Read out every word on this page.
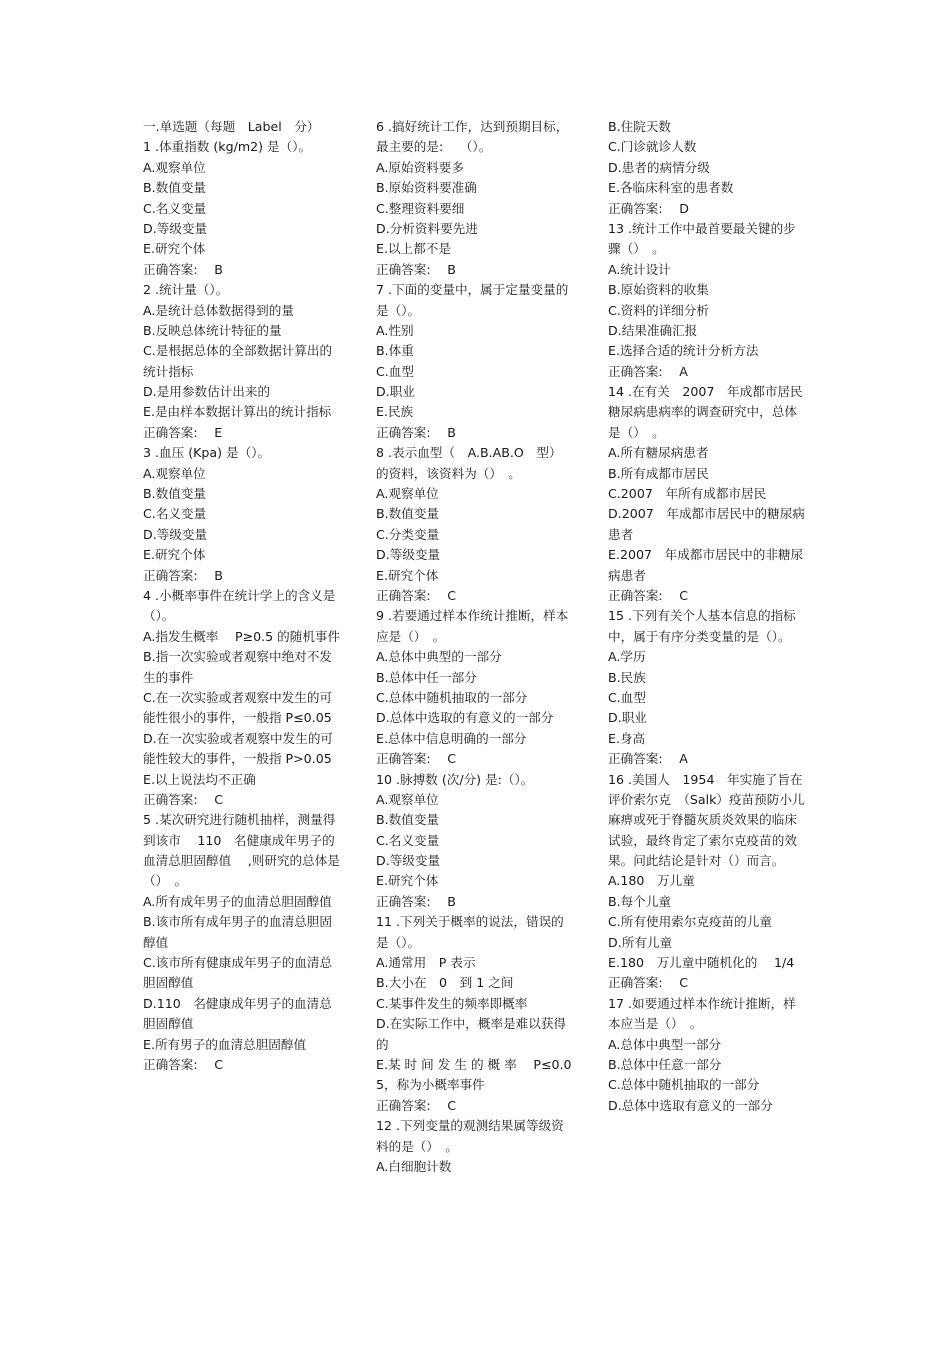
一.单选题（每题　Label　分）
1 .体重指数 (kg/m2) 是（）。
A.观察单位
B.数值变量
C.名义变量
D.等级变量
E.研究个体
正确答案:　 B
2 .统计量（）。
A.是统计总体数据得到的量
B.反映总体统计特征的量
C.是根据总体的全部数据计算出的统计指标
D.是用参数估计出来的
E.是由样本数据计算出的统计指标
正确答案:　 E
3 .血压 (Kpa) 是（）。
A.观察单位
B.数值变量
C.名义变量
D.等级变量
E.研究个体
正确答案:　 B
4 .小概率事件在统计学上的含义是（）。
A.指发生概率　 P≥0.5 的随机事件
B.指一次实验或者观察中绝对不发生的事件
C.在一次实验或者观察中发生的可能性很小的事件，一般指 P≤0.05
D.在一次实验或者观察中发生的可能性较大的事件，一般指 P>0.05
E.以上说法均不正确
正确答案:　 C
5 .某次研究进行随机抽样，测量得到该市　 110　名健康成年男子的血清总胆固醇值　 ,则研究的总体是（）　。
A.所有成年男子的血清总胆固醇值
B.该市所有成年男子的血清总胆固醇值
C.该市所有健康成年男子的血清总胆固醇值
D.110　名健康成年男子的血清总胆固醇值
E.所有男子的血清总胆固醇值
正确答案:　 C
6 .搞好统计工作，达到预期目标，最主要的是:　 （）。
A.原始资料要多
B.原始资料要准确
C.整理资料要细
D.分析资料要先进
E.以上都不是
正确答案:　 B
7 .下面的变量中，属于定量变量的是（）。
A.性别
B.体重
C.血型
D.职业
E.民族
正确答案:　 B
8 .表示血型（　A.B.AB.O　型）的资料，该资料为（）　。
A.观察单位
B.数值变量
C.分类变量
D.等级变量
E.研究个体
正确答案:　 C
9 .若要通过样本作统计推断，样本应是（）　。
A.总体中典型的一部分
B.总体中任一部分
C.总体中随机抽取的一部分
D.总体中选取的有意义的一部分
E.总体中信息明确的一部分
正确答案:　 C
10 .脉搏数 (次/分) 是:（）。
A.观察单位
B.数值变量
C.名义变量
D.等级变量
E.研究个体
正确答案:　 B
11 .下列关于概率的说法，错误的是（）。
A.通常用　P 表示
B.大小在　0　到 1 之间
C.某事件发生的频率即概率
D.在实际工作中，概率是难以获得的
E.某 时 间 发 生 的 概 率　 P≤0.05，称为小概率事件
正确答案:　 C
12 .下列变量的观测结果属等级资料的是（）　。
A.白细胞计数
B.住院天数
C.门诊就诊人数
D.患者的病情分级
E.各临床科室的患者数
正确答案:　 D
13 .统计工作中最首要最关键的步骤（）　。
A.统计设计
B.原始资料的收集
C.资料的详细分析
D.结果准确汇报
E.选择合适的统计分析方法
正确答案:　 A
14 .在有关　2007　年成都市居民糖尿病患病率的调查研究中，总体是（）　。
A.所有糖尿病患者
B.所有成都市居民
C.2007　年所有成都市居民
D.2007　年成都市居民中的糖尿病患者
E.2007　年成都市居民中的非糖尿病患者
正确答案:　 C
15 .下列有关个人基本信息的指标中，属于有序分类变量的是（）。
A.学历
B.民族
C.血型
D.职业
E.身高
正确答案:　 A
16 .美国人　1954　年实施了旨在评价索尔克　（Salk）疫苗预防小儿麻痹或死于脊髓灰质炎效果的临床试验，最终肯定了索尔克疫苗的效果。问此结论是针对（）而言。
A.180　万儿童
B.每个儿童
C.所有使用索尔克疫苗的儿童
D.所有儿童
E.180　万儿童中随机化的　 1/4
正确答案:　 C
17 .如要通过样本作统计推断，样本应当是（）　。
A.总体中典型一部分
B.总体中任意一部分
C.总体中随机抽取的一部分
D.总体中选取有意义的一部分
